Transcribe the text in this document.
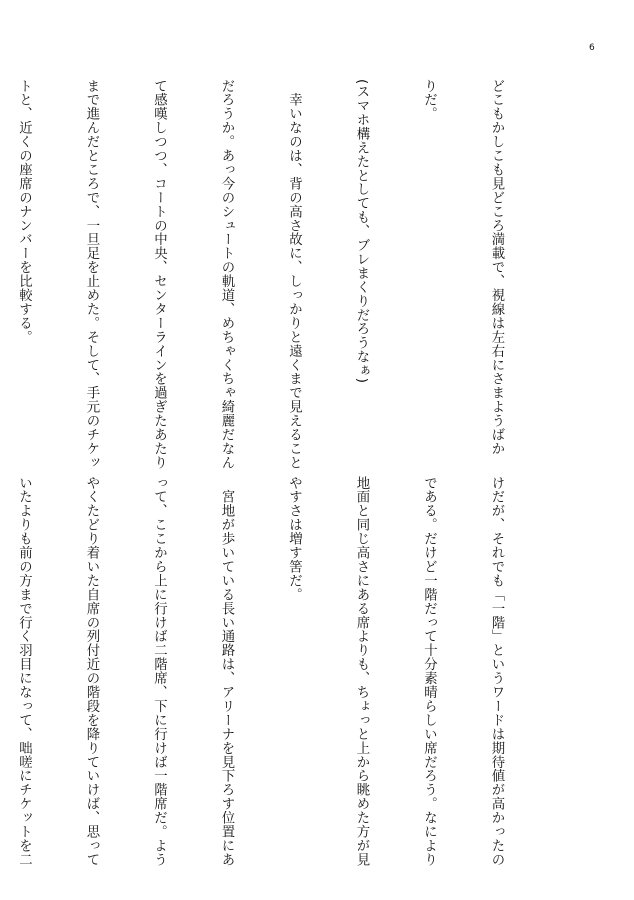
6

どこもかしこも見どころ満載で、視線は左右にさまようばか

りだ。

(スマホ構えたとしても、ブレまくりだろうなぁ)

　幸いなのは、背の高さ故に、しっかりと遠くまで見えること

だろうか。あっ今のシュートの軌道、めちゃくちゃ綺麗だなん

て感嘆しつつ、コートの中央、センターラインを過ぎたあたり

まで進んだところで、一旦足を止めた。そして、手元のチケッ

トと、近くの座席のナンバーを比較する。

けだが、それでも「一階」というワードは期待値が高かったの

である。だけど一階だって十分素晴らしい席だろう。なにより

地面と同じ高さにある席よりも、ちょっと上から眺めた方が見

やすさは増す筈だ。

　宮地が歩いている長い通路は、アリーナを見下ろす位置にあ

って、ここから上に行けば二階席、下に行けば一階席だ。よう

やくたどり着いた自席の列付近の階段を降りていけば、思って

いたよりも前の方まで行く羽目になって、咄嗟にチケットを二
